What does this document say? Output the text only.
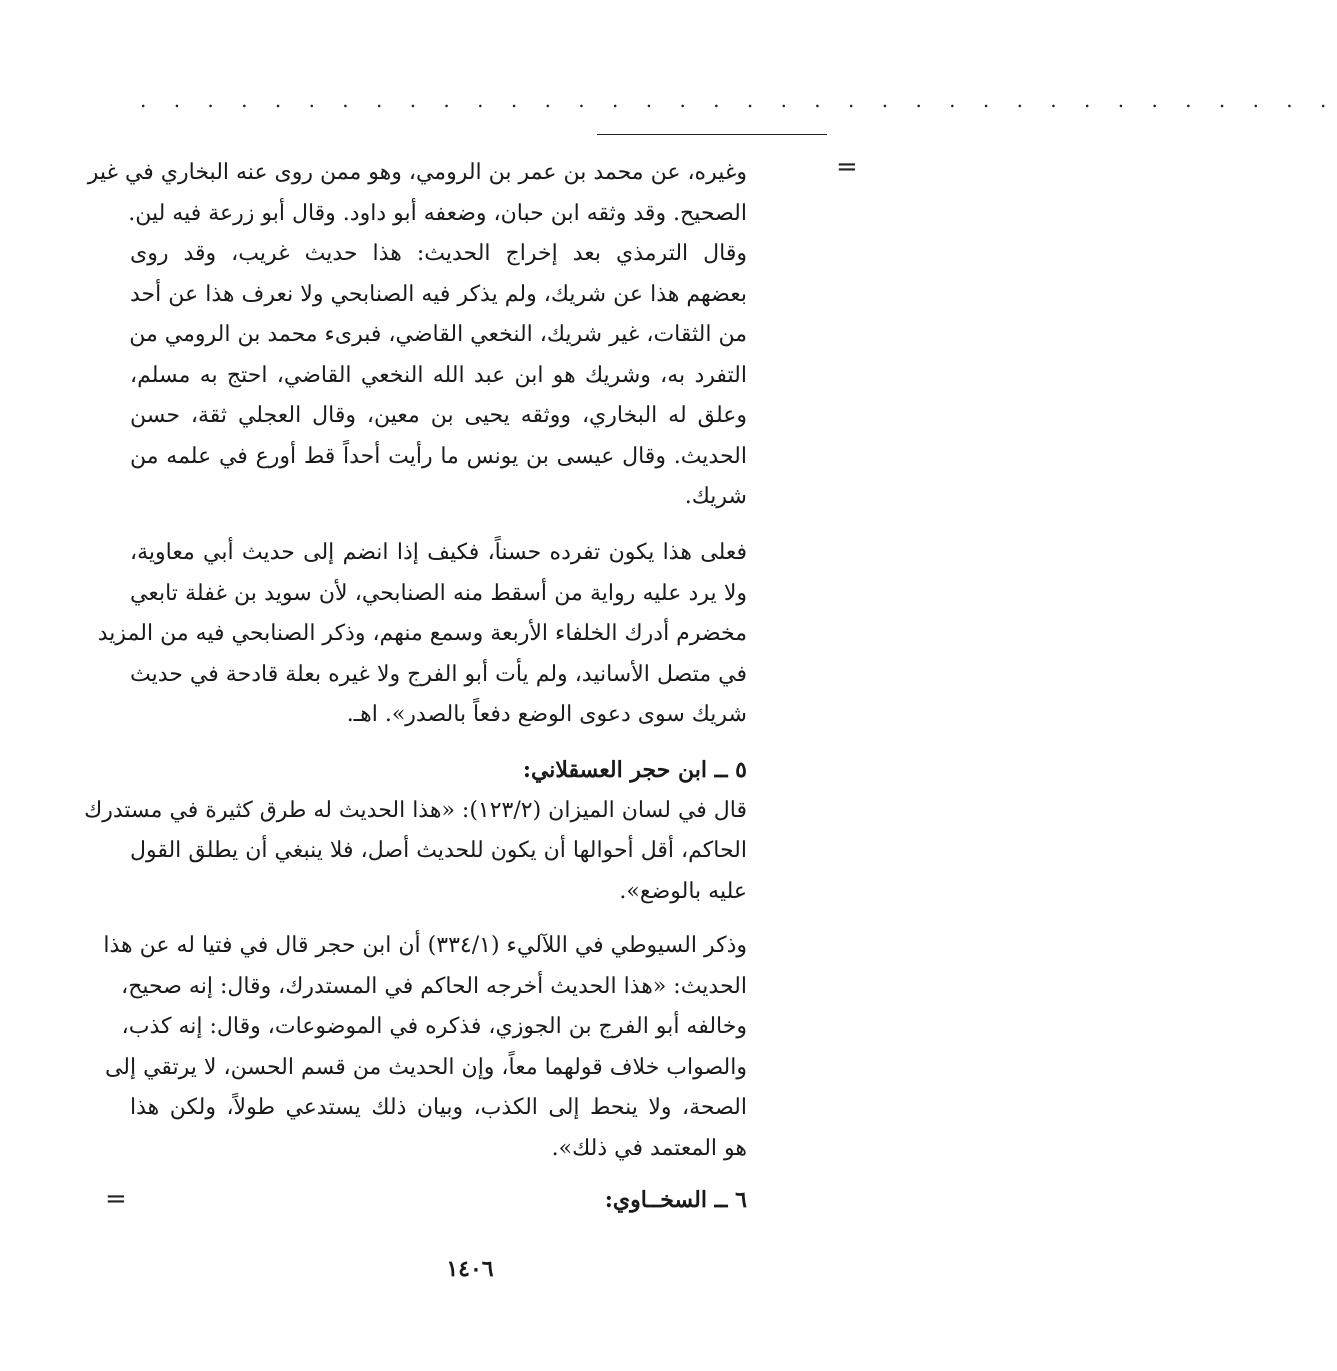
. . . . . . . . . . . . . . . . . . . . . . . . . . . . . . . . . . . .
=
=
وغيره، عن محمد بن عمر بن الرومي، وهو ممن روى عنه البخاري في غير
الصحيح. وقد وثقه ابن حبان، وضعفه أبو داود. وقال أبو زرعة فيه لين.
وقال الترمذي بعد إخراج الحديث: هذا حديث غريب، وقد روى
بعضهم هذا عن شريك، ولم يذكر فيه الصنابحي ولا نعرف هذا عن أحد
من الثقات، غير شريك، النخعي القاضي، فبرىء محمد بن الرومي من
التفرد به، وشريك هو ابن عبد الله النخعي القاضي، احتج به مسلم،
وعلق له البخاري، ووثقه يحيى بن معين، وقال العجلي ثقة، حسن
الحديث. وقال عيسى بن يونس ما رأيت أحداً قط أورع في علمه من
شريك.
فعلى هذا يكون تفرده حسناً، فكيف إذا انضم إلى حديث أبي معاوية،
ولا يرد عليه رواية من أسقط منه الصنابحي، لأن سويد بن غفلة تابعي
مخضرم أدرك الخلفاء الأربعة وسمع منهم، وذكر الصنابحي فيه من المزيد
في متصل الأسانيد، ولم يأت أبو الفرج ولا غيره بعلة قادحة في حديث
شريك سوى دعوى الوضع دفعاً بالصدر». اهـ.
٥ ــ ابن حجر العسقلاني:
قال في لسان الميزان (١٢٣/٢): «هذا الحديث له طرق كثيرة في مستدرك
الحاكم، أقل أحوالها أن يكون للحديث أصل، فلا ينبغي أن يطلق القول
عليه بالوضع».
وذكر السيوطي في اللآليء (٣٣٤/١) أن ابن حجر قال في فتيا له عن هذا
الحديث: «هذا الحديث أخرجه الحاكم في المستدرك، وقال: إنه صحيح،
وخالفه أبو الفرج بن الجوزي، فذكره في الموضوعات، وقال: إنه كذب،
والصواب خلاف قولهما معاً، وإن الحديث من قسم الحسن، لا يرتقي إلى
الصحة، ولا ينحط إلى الكذب، وبيان ذلك يستدعي طولاً، ولكن هذا
هو المعتمد في ذلك».
٦ ــ السخــاوي:
١٤٠٦
